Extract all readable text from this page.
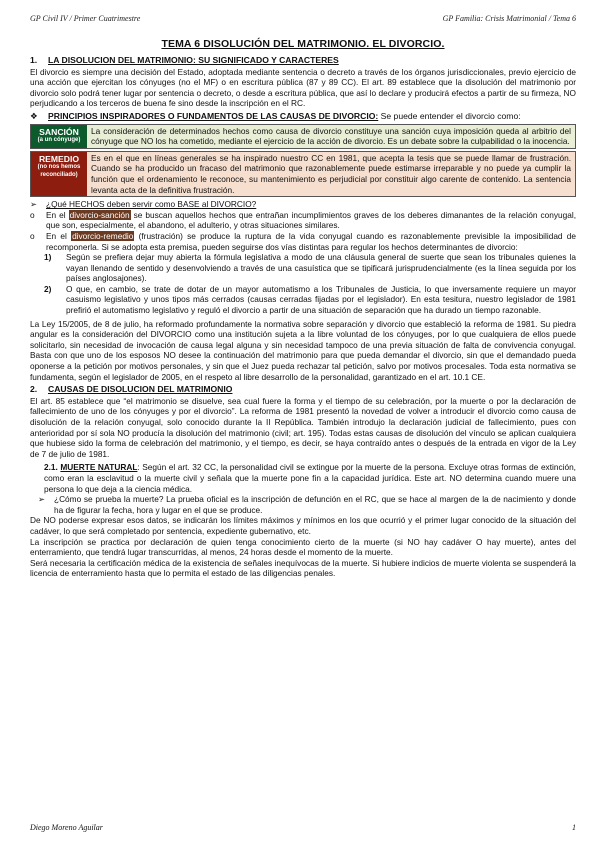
GP Civil IV / Primer Cuatrimestre	GP Familia: Crisis Matrimonial / Tema 6
TEMA 6 DISOLUCIÓN DEL MATRIMONIO. EL DIVORCIO.
1.	LA DISOLUCION DEL MATRIMONIO: SU SIGNIFICADO Y CARACTERES

El divorcio es siempre una decisión del Estado, adoptada mediante sentencia o decreto a través de los órganos jurisdiccionales, previo ejercicio de una acción que ejercitan los cónyuges (no el MF) o en escritura pública (87 y 89 CC). El art. 89 establece que la disolución del matrimonio por divorcio solo podrá tener lugar por sentencia o decreto, o desde a escritura pública, que así lo declare y producirá efectos a partir de su firmeza, NO perjudicando a los terceros de buena fe sino desde la inscripción en el RC.

❖ PRINCIPIOS INSPIRADORES O FUNDAMENTOS DE LAS CAUSAS DE DIVORCIO: Se puede entender el divorcio como:
SANCIÓN
(a un cónyuge)
La consideración de determinados hechos como causa de divorcio constituye una sanción cuya imposición queda al arbitrio del cónyuge que NO los ha cometido, mediante el ejercicio de la acción de divorcio. Es un debate sobre la culpabilidad o la inocencia.
REMEDIO
(no nos hemos reconciliado)
Es en el que en líneas generales se ha inspirado nuestro CC en 1981, que acepta la tesis que se puede llamar de frustración. Cuando se ha producido un fracaso del matrimonio que razonablemente puede estimarse irreparable y no puede ya cumplir la función que el ordenamiento le reconoce, su mantenimiento es perjudicial por constituir algo carente de contenido. La sentencia levanta acta de la definitiva frustración.
➢	¿Qué HECHOS deben servir como BASE al DIVORCIO?
o	En el divorcio-sanción se buscan aquellos hechos que entrañan incumplimientos graves de los deberes dimanantes de la relación conyugal, que son, especialmente, el abandono, el adulterio, y otras situaciones similares.
o	En el divorcio-remedio (frustración) se produce la ruptura de la vida conyugal cuando es razonablemente previsible la imposibilidad de recomponerla. Si se adopta esta premisa, pueden seguirse dos vías distintas para regular los hechos determinantes de divorcio:
1)	Según se prefiera dejar muy abierta la fórmula legislativa a modo de una cláusula general de suerte que sean los tribunales quienes la vayan llenando de sentido y desenvolviendo a través de una casuística que se tipificará jurisprudencialmente (es la línea seguida por los países anglosajones).
2)	O que, en cambio, se trate de dotar de un mayor automatismo a los Tribunales de Justicia, lo que inversamente requiere un mayor casuismo legislativo y unos tipos más cerrados (causas cerradas fijadas por el legislador). En esta tesitura, nuestro legislador de 1981 prefirió el automatismo legislativo y reguló el divorcio a partir de una situación de separación que ha durado un tiempo razonable.

La Ley 15/2005, de 8 de julio, ha reformado profundamente la normativa sobre separación y divorcio que estableció la reforma de 1981. Su piedra angular es la consideración del DIVORCIO como una institución sujeta a la libre voluntad de los cónyuges, por lo que cualquiera de ellos puede solicitarlo, sin necesidad de invocación de causa legal alguna y sin necesidad tampoco de una previa situación de falta de convivencia conyugal. Basta con que uno de los esposos NO desee la continuación del matrimonio para que pueda demandar el divorcio, sin que el demandado pueda oponerse a la petición por motivos personales, y sin que el Juez pueda rechazar tal petición, salvo por motivos procesales. Toda esta normativa se fundamenta, según el legislador de 2005, en el respeto al libre desarrollo de la personalidad, garantizado en el art. 10.1 CE.

2.	CAUSAS DE DISOLUCION DEL MATRIMONIO

El art. 85 establece que “el matrimonio se disuelve, sea cual fuere la forma y el tiempo de su celebración, por la muerte o por la declaración de fallecimiento de uno de los cónyuges y por el divorcio”. La reforma de 1981 presentó la novedad de volver a introducir el divorcio como causa de disolución de la relación conyugal, solo conocido durante la II República. También introdujo la declaración judicial de fallecimiento, pues con anterioridad por sí sola NO producía la disolución del matrimonio (civil; art. 195). Todas estas causas de disolución del vínculo se aplican cualquiera que hubiese sido la forma de celebración del matrimonio, y el tiempo, es decir, se haya contraído antes o después de la entrada en vigor de la Ley de 7 de julio de 1981.

2.1. MUERTE NATURAL: Según el art. 32 CC, la personalidad civil se extingue por la muerte de la persona. Excluye otras formas de extinción, como eran la esclavitud o la muerte civil y señala que la muerte pone fin a la capacidad jurídica. Este art. NO determina cuando muere una persona lo que deja a la ciencia médica.

➢	¿Cómo se prueba la muerte? La prueba oficial es la inscripción de defunción en el RC, que se hace al margen de la de nacimiento y donde ha de figurar la fecha, hora y lugar en el que se produce.

De NO poderse expresar esos datos, se indicarán los límites máximos y mínimos en los que ocurrió y el primer lugar conocido de la situación del cadáver, lo que será completado por sentencia, expediente gubernativo, etc.

La inscripción se practica por declaración de quien tenga conocimiento cierto de la muerte (si NO hay cadáver O hay muerte), antes del enterramiento, que tendrá lugar transcurridas, al menos, 24 horas desde el momento de la muerte.

Será necesaria la certificación médica de la existencia de señales inequívocas de la muerte. Si hubiere indicios de muerte violenta se suspenderá la licencia de enterramiento hasta que lo permita el estado de las diligencias penales.

Diego Moreno Aguilar	1
